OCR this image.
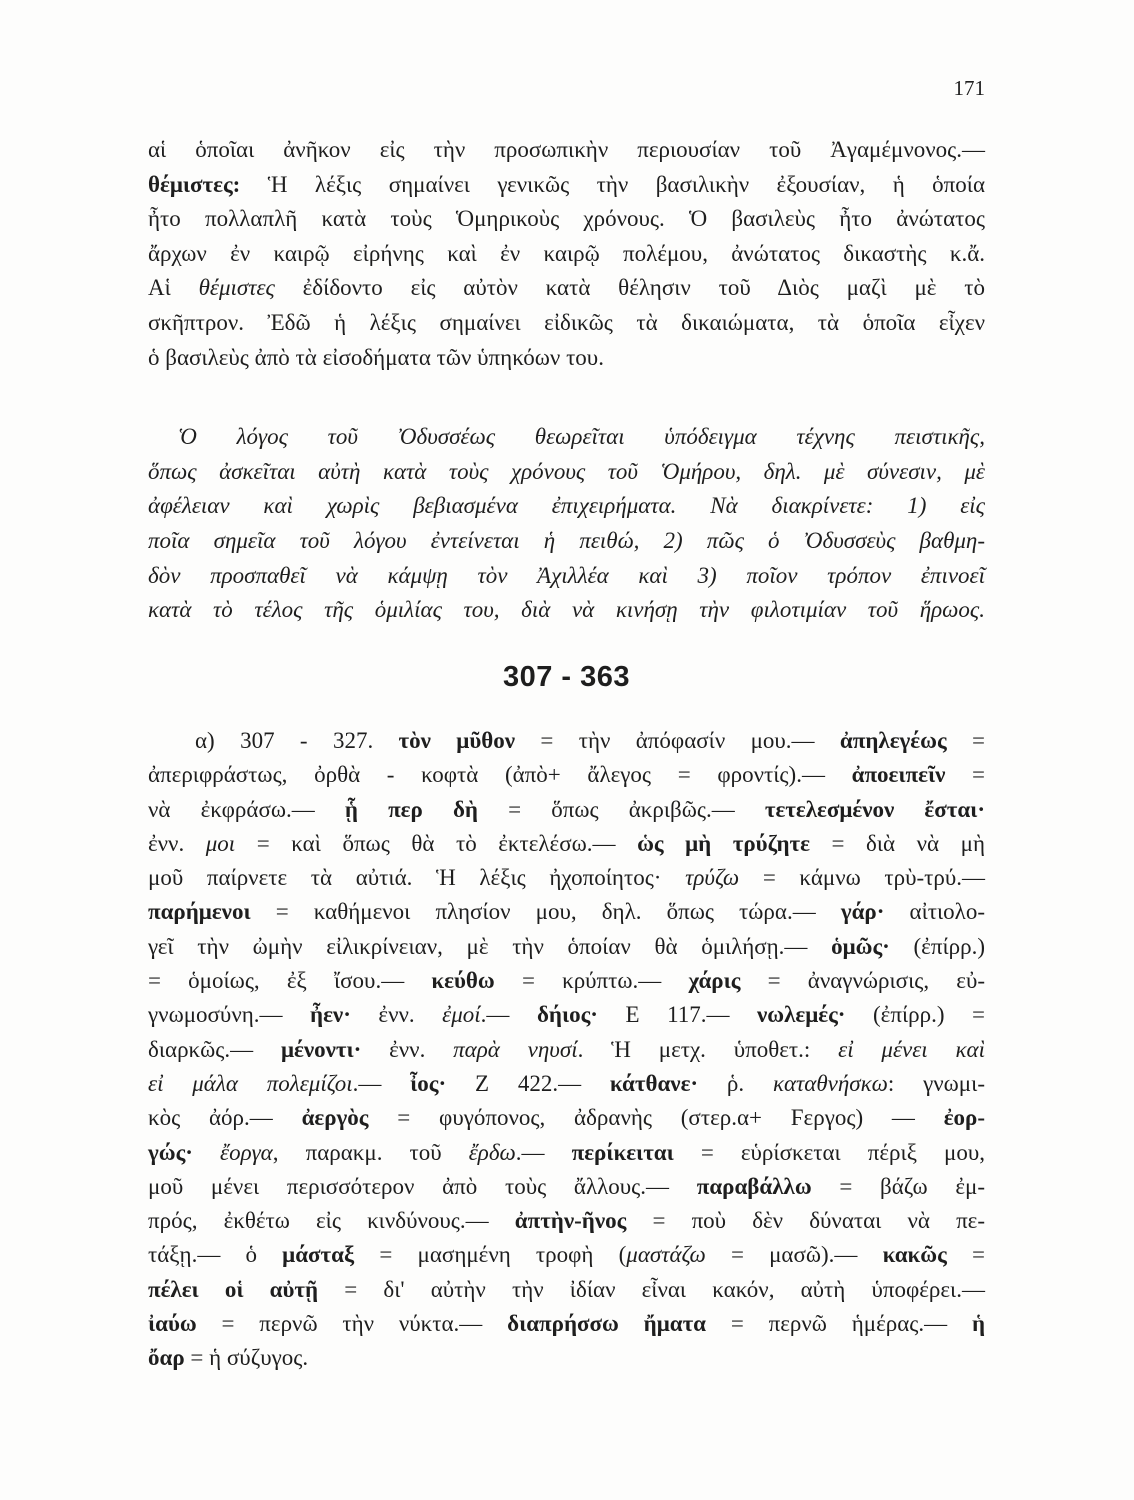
171
αἱ ὁποῖαι ἀνῆκον εἰς τὴν προσωπικὴν περιουσίαν τοῦ Ἀγαμέμνονος.—
θέμιστες: Ἡ λέξις σημαίνει γενικῶς τὴν βασιλικὴν ἐξουσίαν, ἡ ὁποία
ἦτο πολλαπλῆ κατὰ τοὺς Ὁμηρικοὺς χρόνους. Ὁ βασιλεὺς ἦτο ἀνώτατος
ἄρχων ἐν καιρῷ εἰρήνης καὶ ἐν καιρῷ πολέμου, ἀνώτατος δικαστὴς κ.ἄ.
Αἱ θέμιστες ἐδίδοντο εἰς αὐτὸν κατὰ θέλησιν τοῦ Διὸς μαζὶ μὲ τὸ
σκῆπτρον. Ἐδῶ ἡ λέξις σημαίνει εἰδικῶς τὰ δικαιώματα, τὰ ὁποῖα εἶχεν
ὁ βασιλεὺς ἀπὸ τὰ εἰσοδήματα τῶν ὑπηκόων του.
Ὁ λόγος τοῦ Ὀδυσσέως θεωρεῖται ὑπόδειγμα τέχνης πειστικῆς,
ὅπως ἀσκεῖται αὐτὴ κατὰ τοὺς χρόνους τοῦ Ὁμήρου, δηλ. μὲ σύνεσιν, μὲ
ἀφέλειαν καὶ χωρὶς βεβιασμένα ἐπιχειρήματα. Νὰ διακρίνετε: 1) εἰς
ποῖα σημεῖα τοῦ λόγου ἐντείνεται ἡ πειθώ, 2) πῶς ὁ Ὀδυσσεὺς βαθμη-
δὸν προσπαθεῖ νὰ κάμψῃ τὸν Ἀχιλλέα καὶ 3) ποῖον τρόπον ἐπινοεῖ
κατὰ τὸ τέλος τῆς ὁμιλίας του, διὰ νὰ κινήσῃ τὴν φιλοτιμίαν τοῦ ἥρωος.
307 - 363
α) 307 - 327. τὸν μῦθον = τὴν ἀπόφασίν μου.— ἀπηλεγέως =
ἀπεριφράστως, ὀρθὰ - κοφτὰ (ἀπὸ+ ἄλεγος = φροντίς).— ἀποειπεῖν =
νὰ ἐκφράσω.— ᾗ περ δὴ = ὅπως ἀκριβῶς.— τετελεσμένον ἔσται·
ἐνν. μοι = καὶ ὅπως θὰ τὸ ἐκτελέσω.— ὡς μὴ τρύζητε = διὰ νὰ μὴ
μοῦ παίρνετε τὰ αὐτιά. Ἡ λέξις ἠχοποίητος· τρύζω = κάμνω τρὺ-τρύ.—
παρήμενοι = καθήμενοι πλησίον μου, δηλ. ὅπως τώρα.— γάρ· αἰτιολο-
γεῖ τὴν ὠμὴν εἰλικρίνειαν, μὲ τὴν ὁποίαν θὰ ὁμιλήσῃ.— ὁμῶς· (ἐπίρρ.)
= ὁμοίως, ἐξ ἴσου.— κεύθω = κρύπτω.— χάρις = ἀναγνώρισις, εὐ-
γνωμοσύνη.— ἦεν· ἐνν. ἐμοί.— δήιος· Ε 117.— νωλεμές· (ἐπίρρ.) =
διαρκῶς.— μένοντι· ἐνν. παρὰ νηυσί. Ἡ μετχ. ὑποθετ.: εἰ μένει καὶ
εἰ μάλα πολεμίζοι.— ἶος· Ζ 422.— κάτθανε· ῥ. καταθνήσκω: γνωμι-
κὸς ἀόρ.— ἀεργὸς = φυγόπονος, ἀδρανὴς (στερ.α+ Ϝεργος) — ἐορ-
γώς· ἔοργα, παρακμ. τοῦ ἔρδω.— περίκειται = εὑρίσκεται πέριξ μου,
μοῦ μένει περισσότερον ἀπὸ τοὺς ἄλλους.— παραβάλλω = βάζω ἐμ-
πρός, ἐκθέτω εἰς κινδύνους.— ἀπτὴν-ῆνος = ποὺ δὲν δύναται νὰ πε-
τάξῃ.— ὁ μάσταξ = μασημένη τροφὴ (μαστάζω = μασῶ).— κακῶς =
πέλει οἱ αὐτῇ = δι' αὐτὴν τὴν ἰδίαν εἶναι κακόν, αὐτὴ ὑποφέρει.—
ἰαύω = περνῶ τὴν νύκτα.— διαπρήσσω ἤματα = περνῶ ἡμέρας.— ἡ
ὄαρ = ἡ σύζυγος.
